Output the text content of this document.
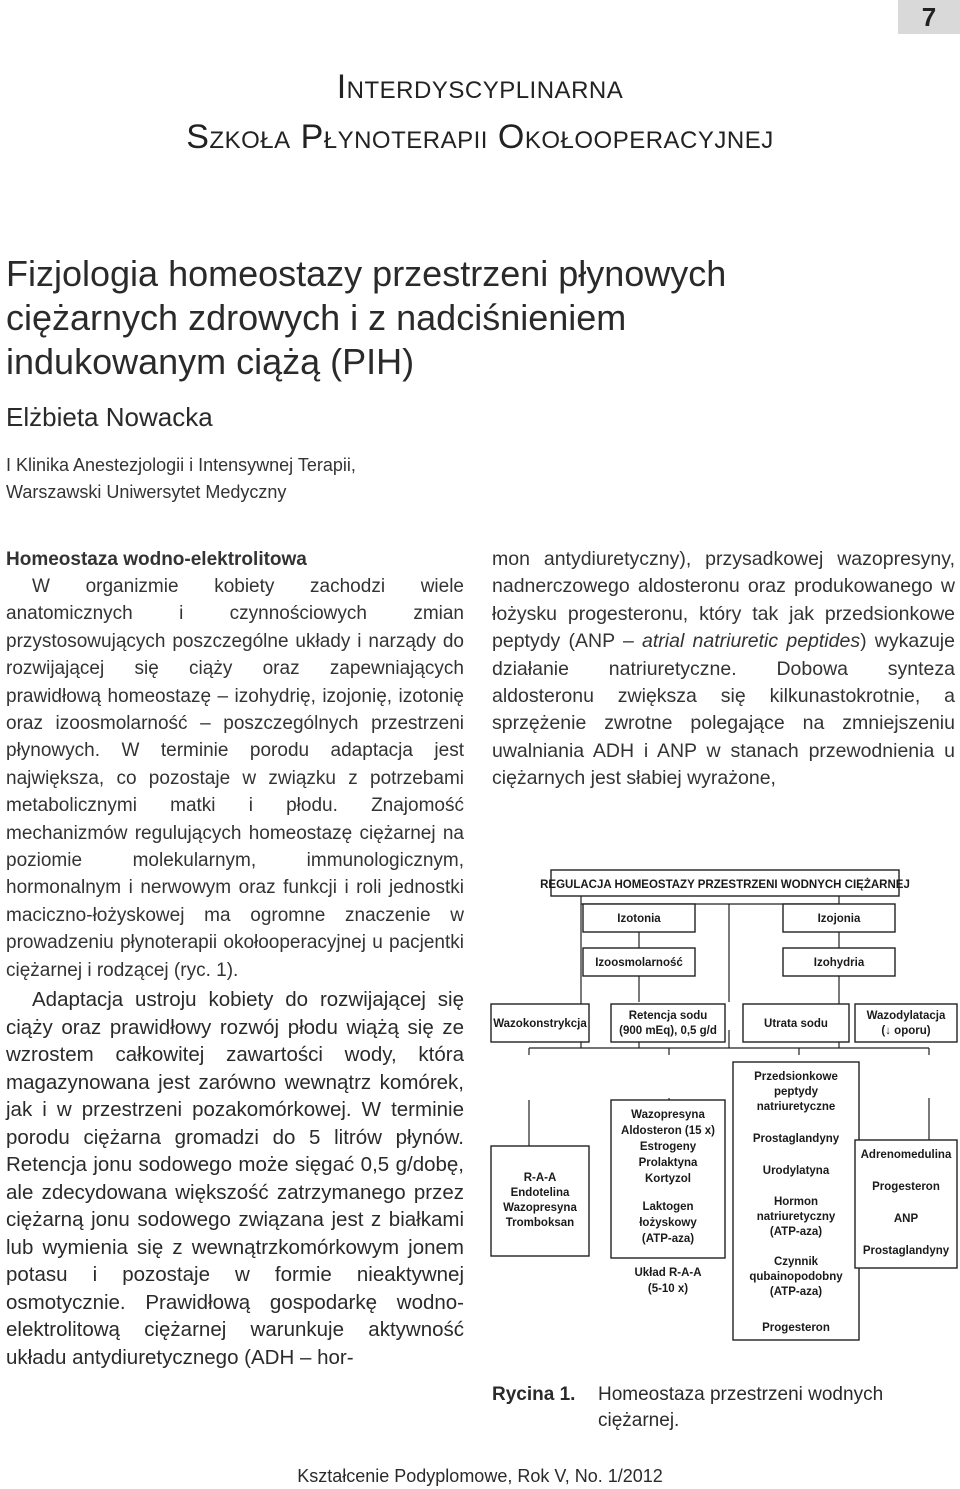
7
Interdyscyplinarna
Szkoła Płynoterapii Okołooperacyjnej
Fizjologia homeostazy przestrzeni płynowych
ciężarnych zdrowych i z nadciśnieniem
indukowanym ciążą (PIH)
Elżbieta Nowacka
I Klinika Anestezjologii i Intensywnej Terapii,
Warszawski Uniwersytet Medyczny
Homeostaza wodno-elektrolitowa
W organizmie kobiety zachodzi wiele anatomicznych i czynnościowych zmian przystosowujących poszczególne układy i narządy do rozwijającej się ciąży oraz zapewniających prawidłową homeostazę – izohydrię, izojonię, izotonię oraz izoosmolarność – poszczególnych przestrzeni płynowych. W terminie porodu adaptacja jest największa, co pozostaje w związku z potrzebami metabolicznymi matki i płodu. Znajomość mechanizmów regulujących homeostazę ciężarnej na poziomie molekularnym, immunologicznym, hormonalnym i nerwowym oraz funkcji i roli jednostki maciczno-łożyskowej ma ogromne znaczenie w prowadzeniu płynoterapii okołooperacyjnej u pacjentki ciężarnej i rodzącej (ryc. 1).
Adaptacja ustroju kobiety do rozwijającej się ciąży oraz prawidłowy rozwój płodu wiążą się ze wzrostem całkowitej zawartości wody, która magazynowana jest zarówno wewnątrz komórek, jak i w przestrzeni pozakomórkowej. W terminie porodu ciężarna gromadzi do 5 litrów płynów. Retencja jonu sodowego może sięgać 0,5 g/dobę, ale zdecydowana większość zatrzymanego przez ciężarną jonu sodowego związana jest z białkami lub wymienia się z wewnątrzkomórkowym jonem potasu i pozostaje w formie nieaktywnej osmotycznie. Prawidłową gospodarkę wodno-elektrolitową ciężarnej warunkuje aktywność układu antydiuretycznego (ADH – hor-
mon antydiuretyczny), przysadkowej wazopresyny, nadnerczowego aldosteronu oraz produkowanego w łożysku progesteronu, który tak jak przedsionkowe peptydy (ANP – atrial natriuretic peptides) wykazuje działanie natriuretyczne. Dobowa synteza aldosteronu zwiększa się kilkunastokrotnie, a sprzężenie zwrotne polegające na zmniejszeniu uwalniania ADH i ANP w stanach przewodnienia u ciężarnych jest słabiej wyrażone,
REGULACJA HOMEOSTAZY PRZESTRZENI WODNYCH CIĘŻARNEJ
Izotonia	Izojonia
Izoosmolarność	Izohydria
Wazokonstrykcja
Retencja sodu
(900 mEq), 0,5 g/d
Utrata sodu
Wazodylatacja
(↓ oporu)
R-A-A
Endotelina
Wazopresyna
Tromboksan
Wazopresyna
Aldosteron (15 x)
Estrogeny
Prolaktyna
Kortyzol
Laktogen
łożyskowy
(ATP-aza)
Układ R-A-A
(5-10 x)
Przedsionkowe
peptydy
natriuretyczne
Prostaglandyny
Urodylatyna
Hormon
natriuretyczny
(ATP-aza)
Czynnik
qubainopodobny
(ATP-aza)
Progesteron
Adrenomedulina
Progesteron
ANP
Prostaglandyny
Rycina 1. Homeostaza przestrzeni wodnych ciężarnej.
Kształcenie Podyplomowe, Rok V, No. 1/2012
